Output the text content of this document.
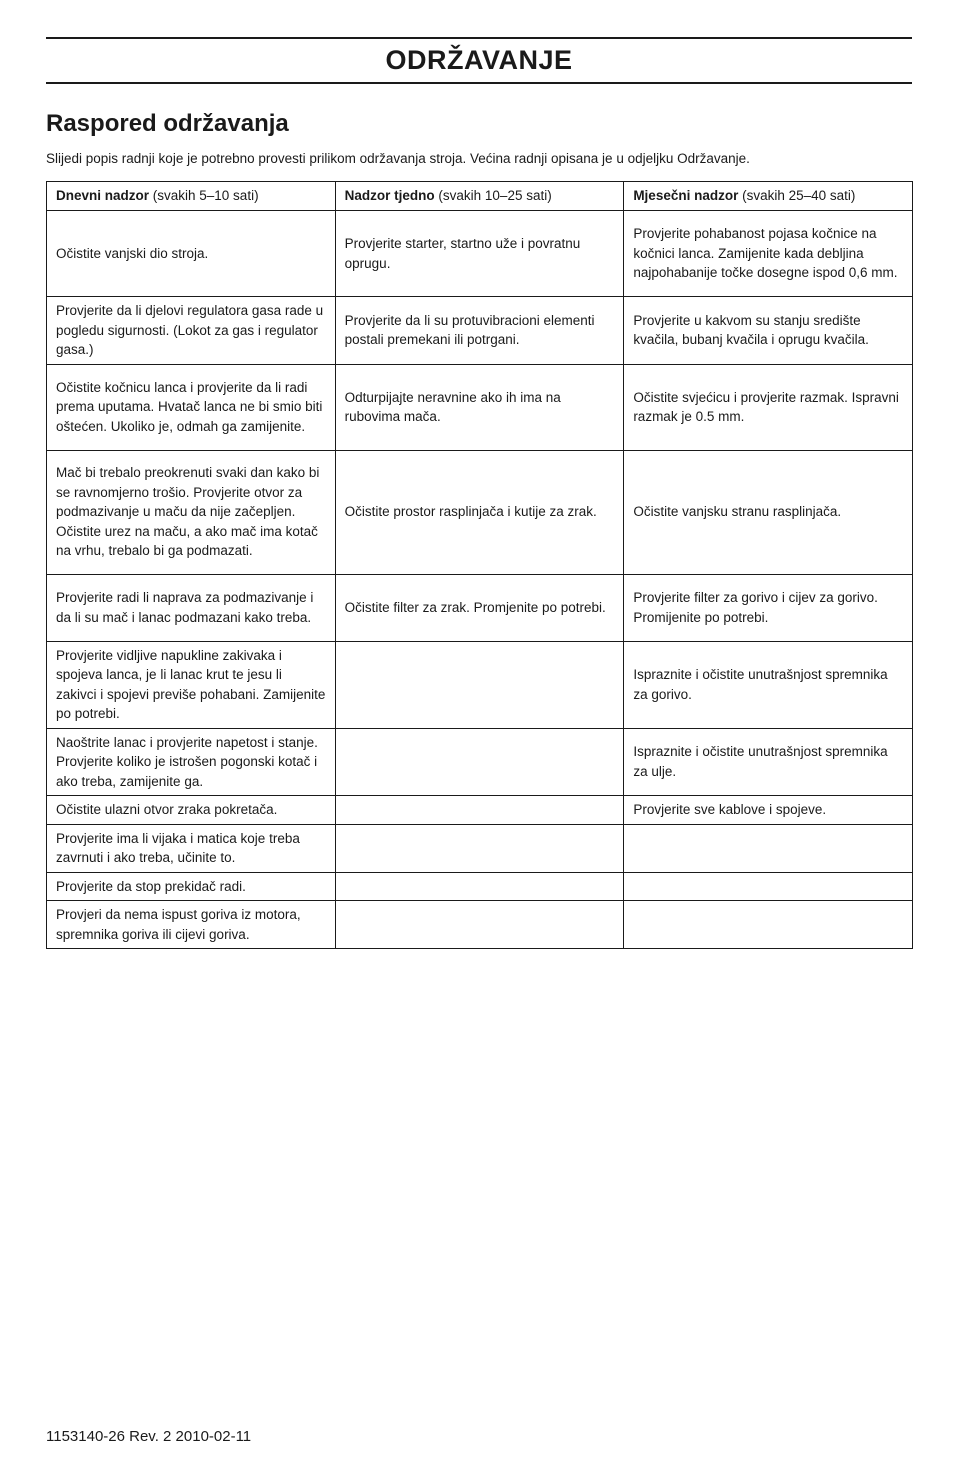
ODRŽAVANJE
Raspored održavanja

Slijedi popis radnji koje je potrebno provesti prilikom održavanja stroja. Većina radnji opisana je u odjeljku Održavanje.

Dnevni nadzor (svakih 5–10 sati)	Nadzor tjedno (svakih 10–25 sati)	Mjesečni nadzor (svakih 25–40 sati)
Očistite vanjski dio stroja.	Provjerite starter, startno uže i povratnu oprugu.	Provjerite pohabanost pojasa kočnice na kočnici lanca. Zamijenite kada debljina najpohabanije točke dosegne ispod 0,6 mm.
Provjerite da li djelovi regulatora gasa rade u pogledu sigurnosti. (Lokot za gas i regulator gasa.)	Provjerite da li su protuvibracioni elementi postali premekani ili potrgani.	Provjerite u kakvom su stanju središte kvačila, bubanj kvačila i oprugu kvačila.
Očistite kočnicu lanca i provjerite da li radi prema uputama. Hvatač lanca ne bi smio biti oštećen. Ukoliko je, odmah ga zamijenite.	Odturpijajte neravnine ako ih ima na rubovima mača.	Očistite svjećicu i provjerite razmak. Ispravni razmak je 0.5 mm.
Mač bi trebalo preokrenuti svaki dan kako bi se ravnomjerno trošio. Provjerite otvor za podmazivanje u maču da nije začepljen. Očistite urez na maču, a ako mač ima kotač na vrhu, trebalo bi ga podmazati.	Očistite prostor rasplinjača i kutije za zrak.	Očistite vanjsku stranu rasplinjača.
Provjerite radi li naprava za podmazivanje i da li su mač i lanac podmazani kako treba.	Očistite filter za zrak. Promjenite po potrebi.	Provjerite filter za gorivo i cijev za gorivo. Promijenite po potrebi.
Provjerite vidljive napukline zakivaka i spojeva lanca, je li lanac krut te jesu li zakivci i spojevi previše pohabani. Zamijenite po potrebi.		Ispraznite i očistite unutrašnjost spremnika za gorivo.
Naoštrite lanac i provjerite napetost i stanje. Provjerite koliko je istrošen pogonski kotač i ako treba, zamijenite ga.		Ispraznite i očistite unutrašnjost spremnika za ulje.
Očistite ulazni otvor zraka pokretača.		Provjerite sve kablove i spojeve.
Provjerite ima li vijaka i matica koje treba zavrnuti i ako treba, učinite to.		
Provjerite da stop prekidač radi.		
Provjeri da nema ispust goriva iz motora, spremnika goriva ili cijevi goriva.		

1153140-26 Rev. 2 2010-02-11
